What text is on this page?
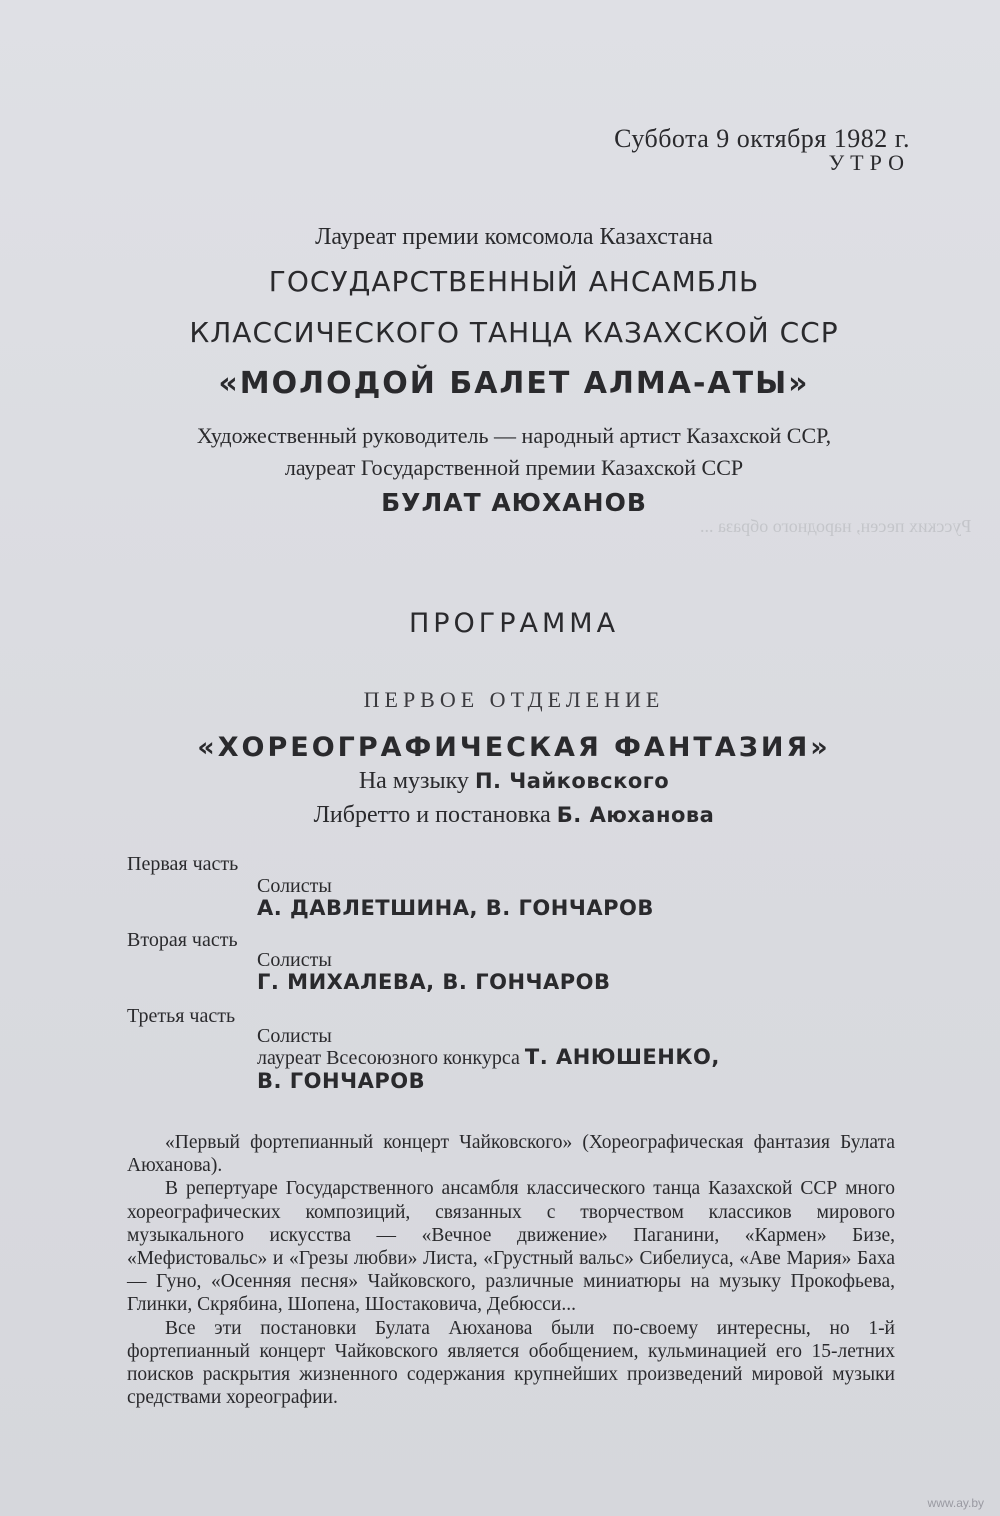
Русских песен, народного образа ...
Суббота 9 октября 1982 г.
УТРО
Лауреат премии комсомола Казахстана
ГОСУДАРСТВЕННЫЙ АНСАМБЛЬ
КЛАССИЧЕСКОГО ТАНЦА КАЗАХСКОЙ ССР
«МОЛОДОЙ БАЛЕТ АЛМА-АТЫ»
Художественный руководитель — народный артист Казахской ССР,
лауреат Государственной премии Казахской ССР
БУЛАТ АЮХАНОВ
ПРОГРАММА
ПЕРВОЕ ОТДЕЛЕНИЕ
«ХОРЕОГРАФИЧЕСКАЯ ФАНТАЗИЯ»
На музыку П. Чайковского
Либретто и постановка Б. Аюханова
Первая часть
Солисты
А. ДАВЛЕТШИНА, В. ГОНЧАРОВ
Вторая часть
Солисты
Г. МИХАЛЕВА, В. ГОНЧАРОВ
Третья часть
Солисты
лауреат Всесоюзного конкурса Т. АНЮШЕНКО,
В. ГОНЧАРОВ

«Первый фортепианный концерт Чайковского» (Хореографическая фантазия Булата Аюханова).

В репертуаре Государственного ансамбля классического танца Казахской ССР много хореографических композиций, связанных с творчеством классиков мирового музыкального искусства — «Вечное движение» Паганини, «Кармен» Бизе, «Мефистовальс» и «Грезы любви» Листа, «Грустный вальс» Сибелиуса, «Аве Мария» Баха — Гуно, «Осенняя песня» Чайковского, различные миниатюры на музыку Прокофьева, Глинки, Скрябина, Шопена, Шостаковича, Дебюсси...

Все эти постановки Булата Аюханова были по-своему интересны, но 1-й фортепианный концерт Чайковского является обобщением, кульминацией его 15-летних поисков раскрытия жизненного содержания крупнейших произведений мировой музыки средствами хореографии.

www.ay.by
